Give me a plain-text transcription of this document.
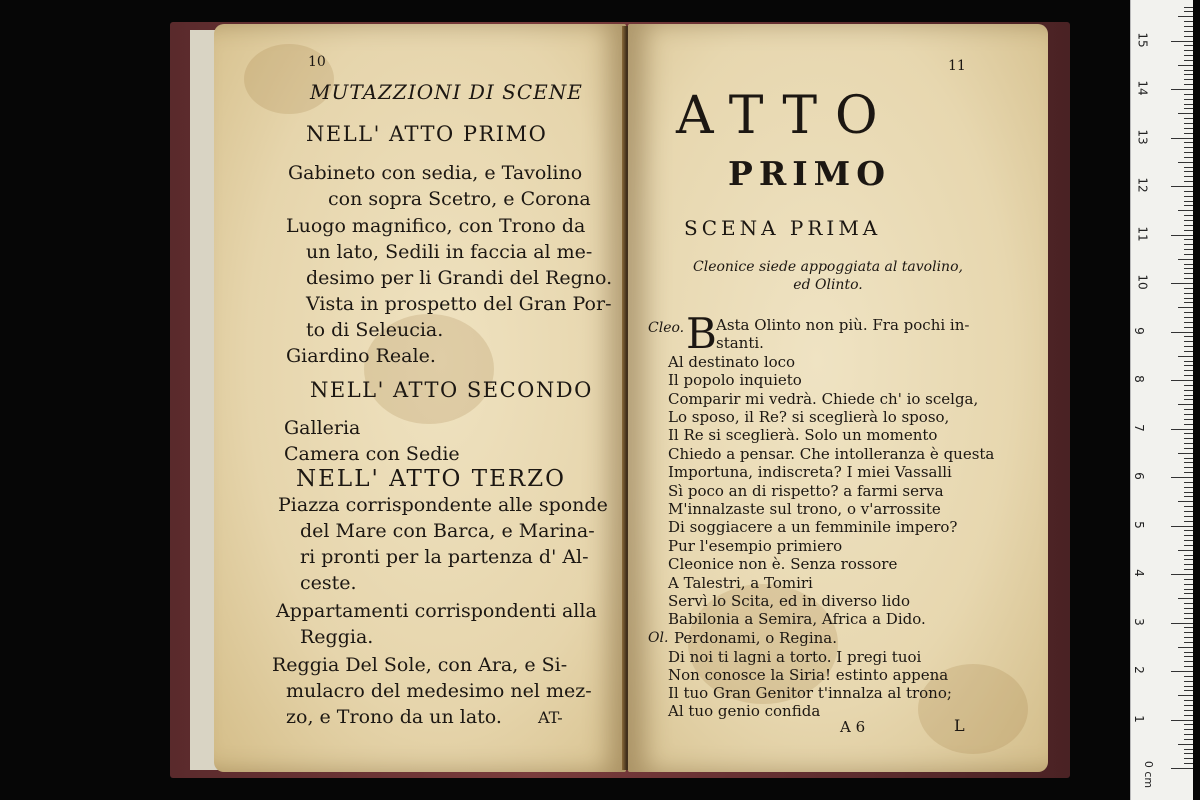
10
MUTAZZIONI DI SCENE
NELL' ATTO PRIMO
Gabineto con sedia, e Tavolino
con sopra Scetro, e Corona
Luogo magnifico, con Trono da
un lato, Sedili in faccia al me-
desimo per li Grandi del Regno.
Vista in prospetto del Gran Por-
to di Seleucia.
Giardino Reale.
NELL' ATTO SECONDO
Galleria
Camera con Sedie
NELL' ATTO TERZO
Piazza corrispondente alle sponde
del Mare con Barca, e Marina-
ri pronti per la partenza d' Al-
ceste.
Appartamenti corrispondenti alla
Reggia.
Reggia Del Sole, con Ara, e Si-
mulacro del medesimo nel mez-
zo, e Trono da un lato. AT-
11
ATTO
PRIMO
SCENA PRIMA
Cleonice siede appoggiata al tavolino,
ed Olinto.
Cleo. B Asta Olinto non più. Fra pochi in-
stanti.
Al destinato loco
Il popolo inquieto
Comparir mi vedrà. Chiede ch' io scelga,
Lo sposo, il Re? si sceglierà lo sposo,
Il Re si sceglierà. Solo un momento
Chiedo a pensar. Che intolleranza è questa
Importuna, indiscreta? I miei Vassalli
Sì poco an di rispetto? a farmi serva
M'innalzaste sul trono, o v'arrossite
Di soggiacere a un femminile impero?
Pur l'esempio primiero
Cleonice non è. Senza rossore
A Talestri, a Tomiri
Servì lo Scita, ed in diverso lido
Babilonia a Semira, Africa a Dido.
Ol. Perdonami, o Regina.
Di noi ti lagni a torto. I pregi tuoi
Non conosce la Siria! estinto appena
Il tuo Gran Genitor t'innalza al trono;
Al tuo genio confida
A 6	L
0 cm
1
2
3
4
5
6
7
8
9
10
11
12
13
14
15
